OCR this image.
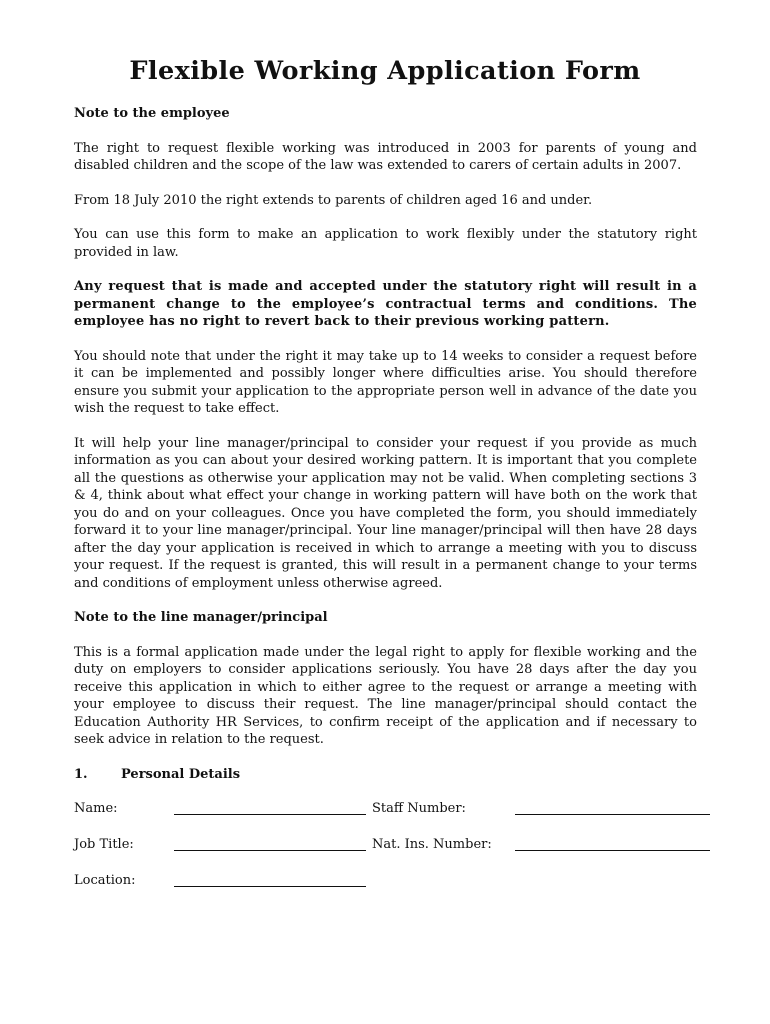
Flexible Working Application Form
Note to the employee

The right to request flexible working was introduced in 2003 for parents of young and disabled children and the scope of the law was extended to carers of certain adults in 2007.

From 18 July 2010 the right extends to parents of children aged 16 and under.

You can use this form to make an application to work flexibly under the statutory right provided in law.

Any request that is made and accepted under the statutory right will result in a permanent change to the employee’s contractual terms and conditions. The employee has no right to revert back to their previous working pattern.

You should note that under the right it may take up to 14 weeks to consider a request before it can be implemented and possibly longer where difficulties arise. You should therefore ensure you submit your application to the appropriate person well in advance of the date you wish the request to take effect.

It will help your line manager/principal to consider your request if you provide as much information as you can about your desired working pattern. It is important that you complete all the questions as otherwise your application may not be valid. When completing sections 3 & 4, think about what effect your change in working pattern will have both on the work that you do and on your colleagues. Once you have completed the form, you should immediately forward it to your line manager/principal. Your line manager/principal will then have 28 days after the day your application is received in which to arrange a meeting with you to discuss your request. If the request is granted, this will result in a permanent change to your terms and conditions of employment unless otherwise agreed.

Note to the line manager/principal

This is a formal application made under the legal right to apply for flexible working and the duty on employers to consider applications seriously. You have 28 days after the day you receive this application in which to either agree to the request or arrange a meeting with your employee to discuss their request. The line manager/principal should contact the Education Authority HR Services, to confirm receipt of the application and if necessary to seek advice in relation to the request.

1.	Personal Details
Name:	Staff Number:
Job Title:	Nat. Ins. Number:
Location:
